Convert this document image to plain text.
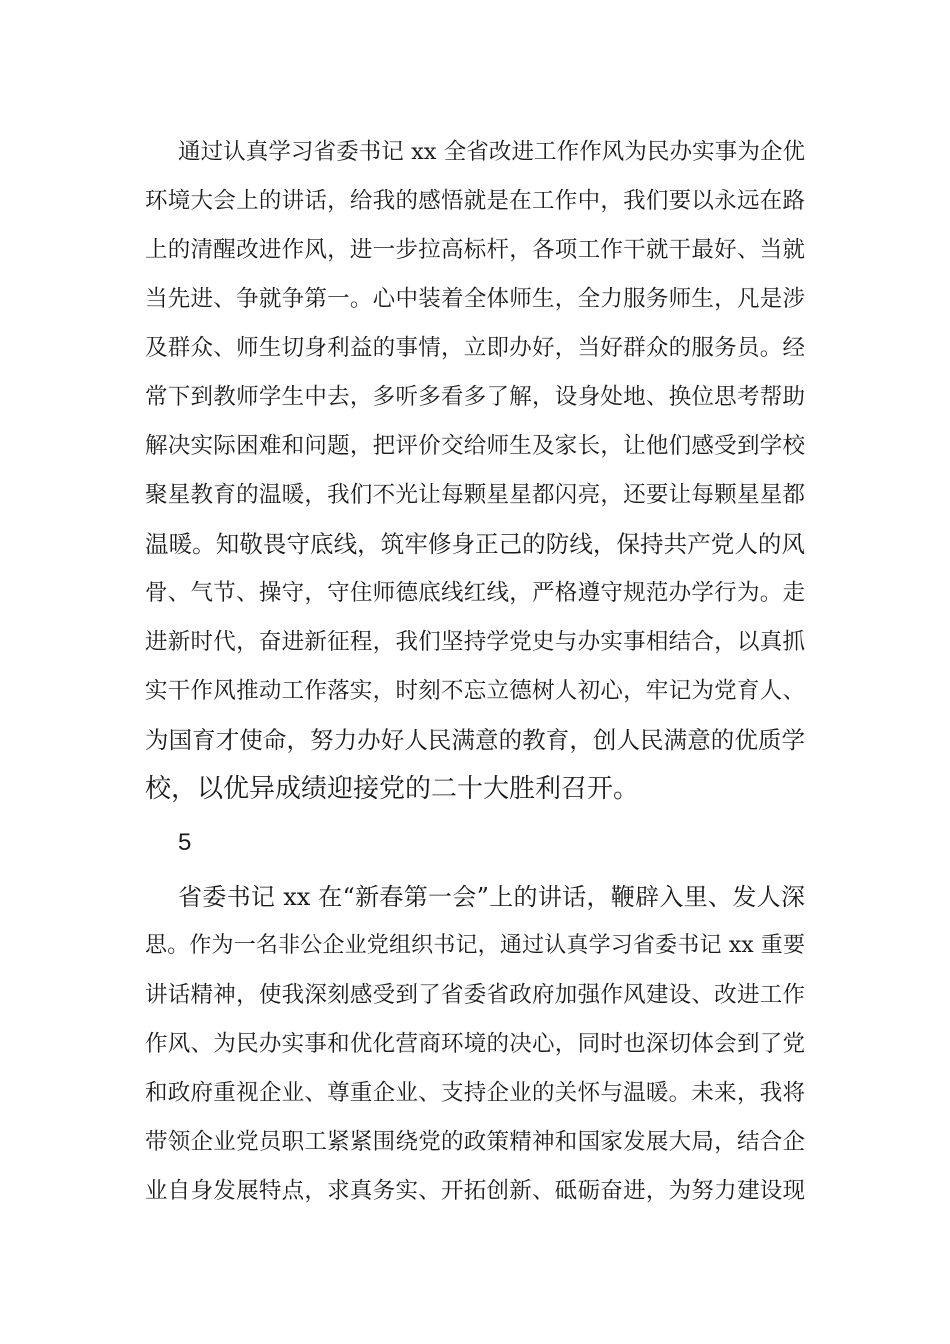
通过认真学习省委书记 xx 全省改进工作作风为民办实事为企优
环境大会上的讲话，给我的感悟就是在工作中，我们要以永远在路
上的清醒改进作风，进一步拉高标杆，各项工作干就干最好、当就
当先进、争就争第一。心中装着全体师生，全力服务师生，凡是涉
及群众、师生切身利益的事情，立即办好，当好群众的服务员。经
常下到教师学生中去，多听多看多了解，设身处地、换位思考帮助
解决实际困难和问题，把评价交给师生及家长，让他们感受到学校
聚星教育的温暖，我们不光让每颗星星都闪亮，还要让每颗星星都
温暖。知敬畏守底线，筑牢修身正己的防线，保持共产党人的风
骨、气节、操守，守住师德底线红线，严格遵守规范办学行为。走
进新时代，奋进新征程，我们坚持学党史与办实事相结合，以真抓
实干作风推动工作落实，时刻不忘立德树人初心，牢记为党育人、
为国育才使命，努力办好人民满意的教育，创人民满意的优质学
校，以优异成绩迎接党的二十大胜利召开。
5
省委书记 xx 在“新春第一会”上的讲话，鞭辟入里、发人深
思。作为一名非公企业党组织书记，通过认真学习省委书记 xx 重要
讲话精神，使我深刻感受到了省委省政府加强作风建设、改进工作
作风、为民办实事和优化营商环境的决心，同时也深切体会到了党
和政府重视企业、尊重企业、支持企业的关怀与温暖。未来，我将
带领企业党员职工紧紧围绕党的政策精神和国家发展大局，结合企
业自身发展特点，求真务实、开拓创新、砥砺奋进，为努力建设现
